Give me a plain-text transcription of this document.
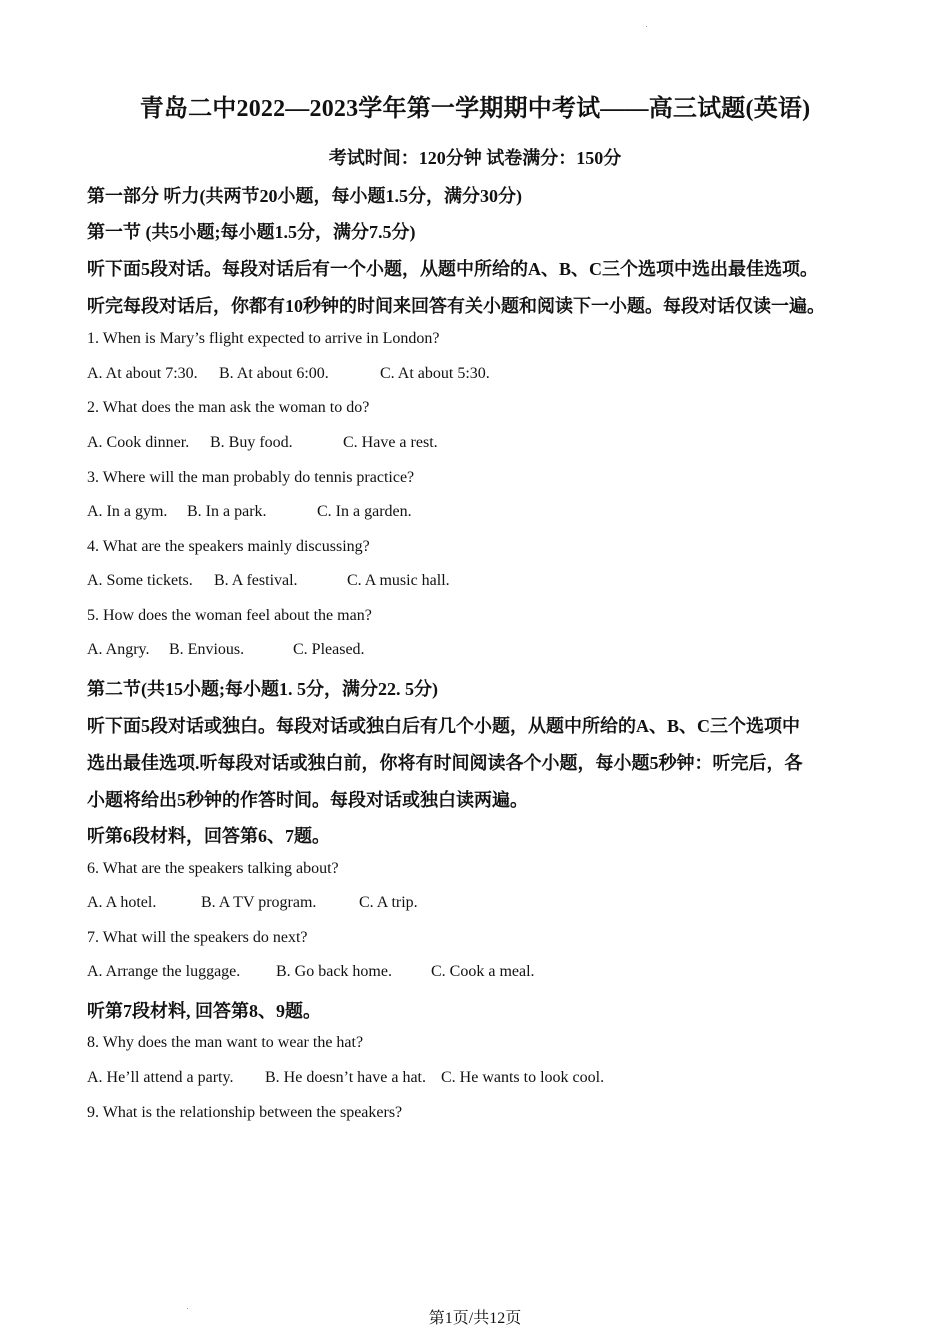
青岛二中2022—2023学年第一学期期中考试——高三试题(英语)
考试时间：120分钟 试卷满分：150分
第一部分 听力(共两节20小题，每小题1.5分，满分30分)
第一节 (共5小题;每小题1.5分，满分7.5分)
听下面5段对话。每段对话后有一个小题，从题中所给的A、B、C三个选项中选出最佳选项。
听完每段对话后，你都有10秒钟的时间来回答有关小题和阅读下一小题。每段对话仅读一遍。
1. When is Mary’s flight expected to arrive in London?
A. At about 7:30. B. At about 6:00.	C. At about 5:30.
2. What does the man ask the woman to do?
A. Cook dinner. B. Buy food.	C. Have a rest.
3. Where will the man probably do tennis practice?
A. In a gym. B. In a park.	C. In a garden.
4. What are the speakers mainly discussing?
A. Some tickets. B. A festival.	C. A music hall.
5. How does the woman feel about the man?
A. Angry. B. Envious.	C. Pleased.
第二节(共15小题;每小题1. 5分，满分22. 5分)
听下面5段对话或独白。每段对话或独白后有几个小题，从题中所给的A、B、C三个选项中
选出最佳选项.听每段对话或独白前，你将有时间阅读各个小题，每小题5秒钟：听完后，各
小题将给出5秒钟的作答时间。每段对话或独白读两遍。
听第6段材料，回答第6、7题。
6. What are the speakers talking about?
A. A hotel.	B. A TV program.	C. A trip.
7. What will the speakers do next?
A. Arrange the luggage. B. Go back home. C. Cook a meal.
听第7段材料, 回答第8、9题。
8. Why does the man want to wear the hat?
A. He’ll attend a party. B. He doesn’t have a hat. C. He wants to look cool.
9. What is the relationship between the speakers?
第1页/共12页
